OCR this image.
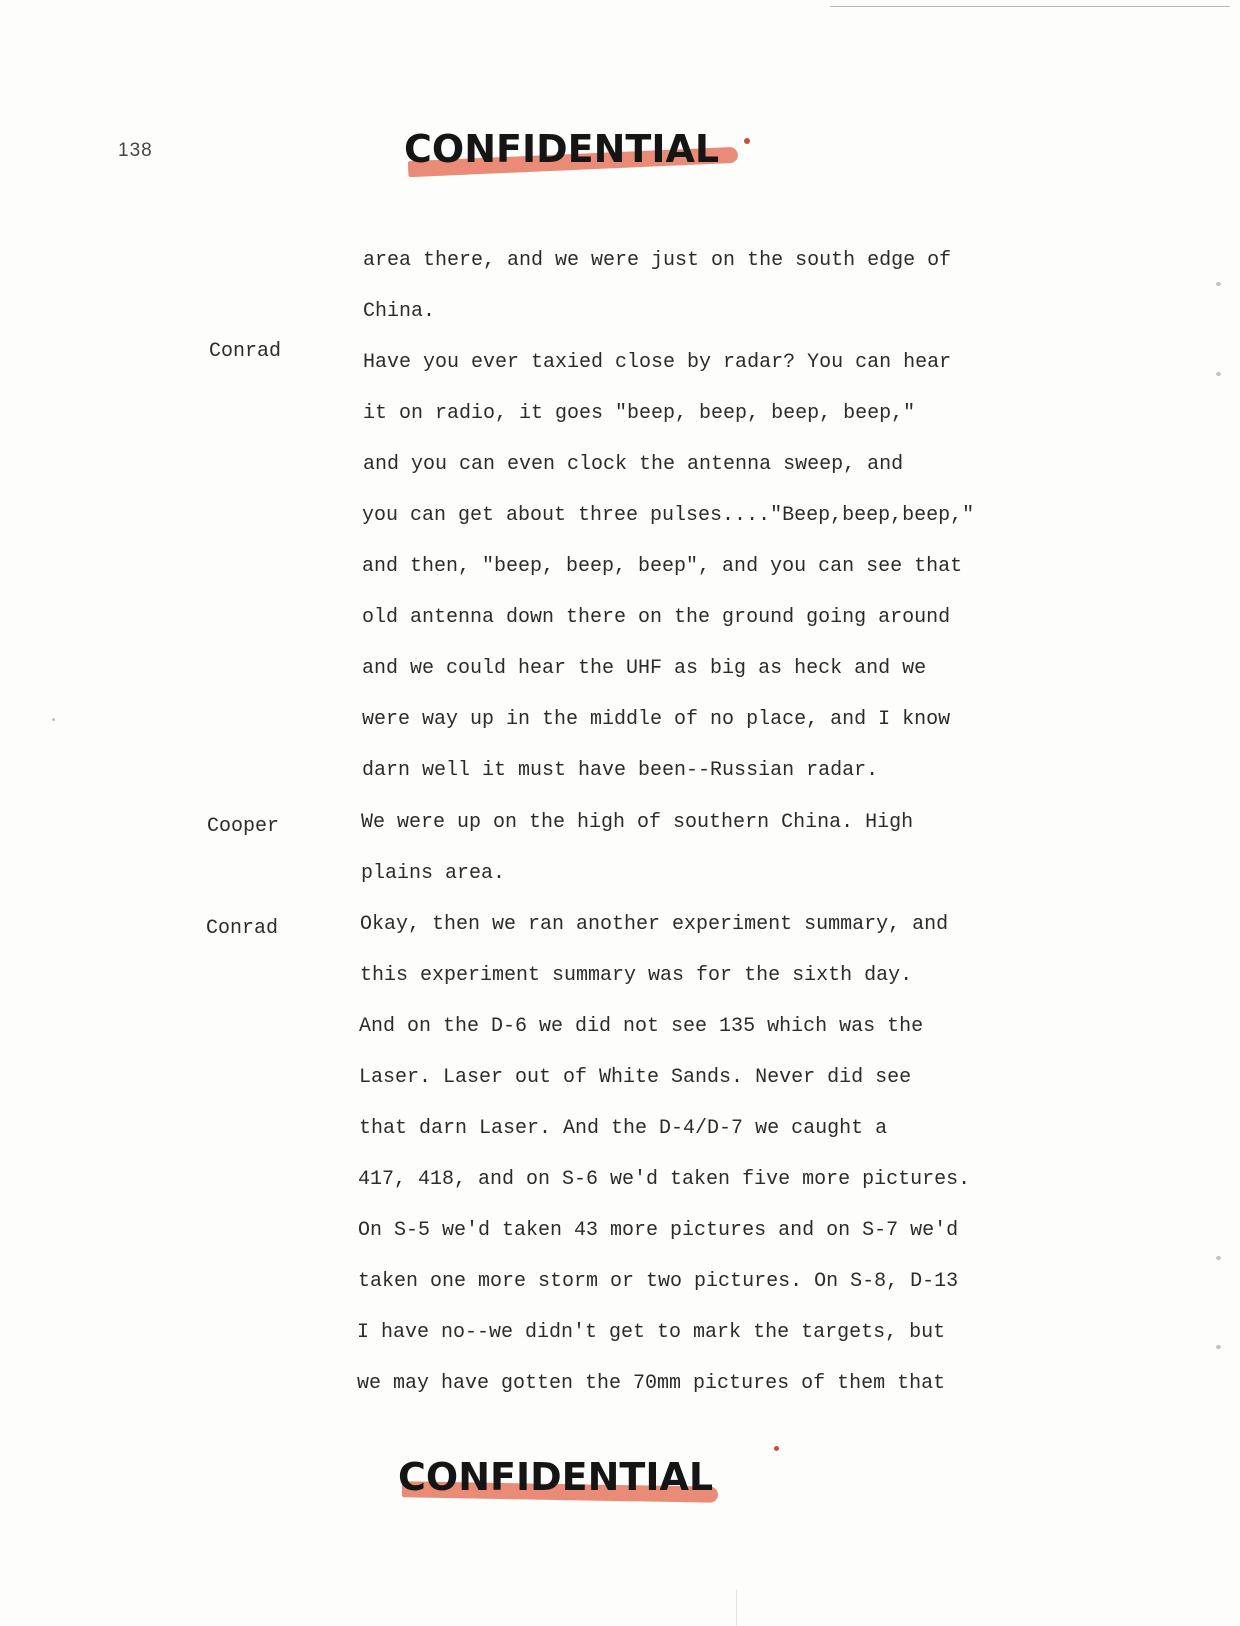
138	CONFIDENTIAL
Conrad
Cooper
Conrad
area there, and we were just on the south edge of
China.
Have you ever taxied close by radar? You can hear
it on radio, it goes "beep, beep, beep, beep,"
and you can even clock the antenna sweep, and
you can get about three pulses...."Beep,beep,beep,"
and then, "beep, beep, beep", and you can see that
old antenna down there on the ground going around
and we could hear the UHF as big as heck and we
were way up in the middle of no place, and I know
darn well it must have been--Russian radar.
We were up on the high of southern China. High
plains area.
Okay, then we ran another experiment summary, and
this experiment summary was for the sixth day.
And on the D-6 we did not see 135 which was the
Laser. Laser out of White Sands. Never did see
that darn Laser. And the D-4/D-7 we caught a
417, 418, and on S-6 we'd taken five more pictures.
On S-5 we'd taken 43 more pictures and on S-7 we'd
taken one more storm or two pictures. On S-8, D-13
I have no--we didn't get to mark the targets, but
we may have gotten the 70mm pictures of them that
CONFIDENTIAL
